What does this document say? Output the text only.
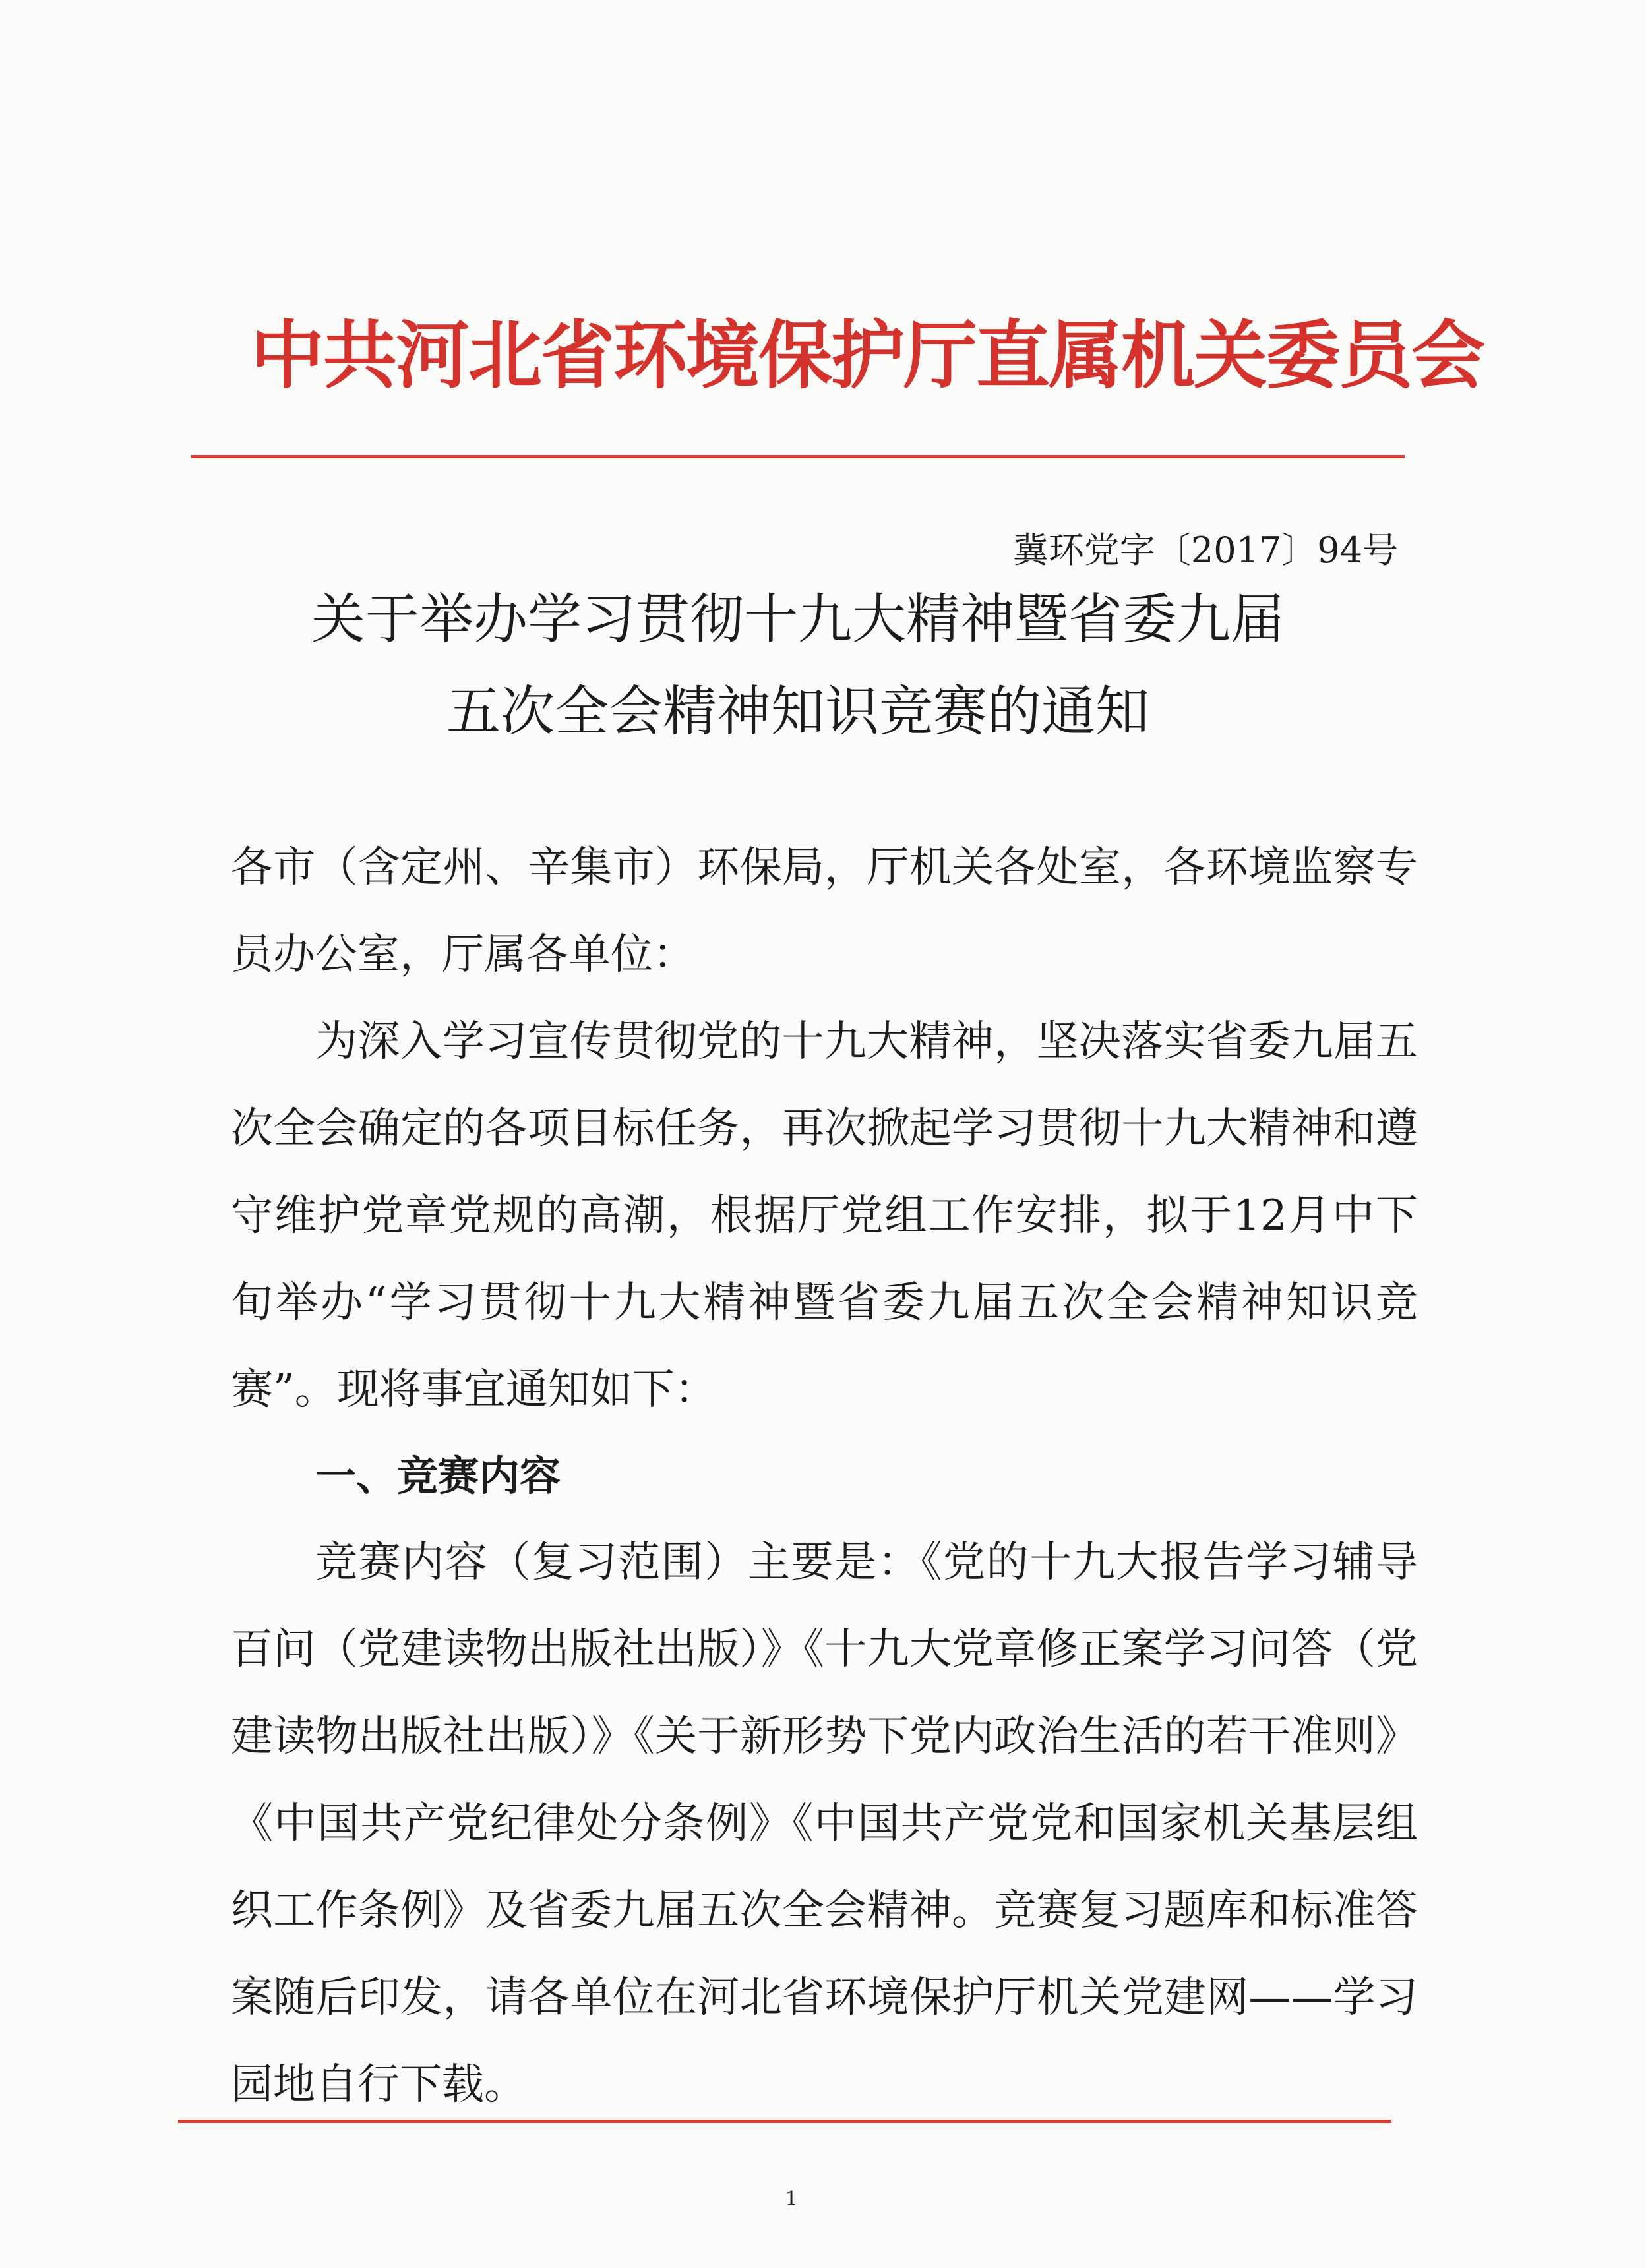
中共河北省环境保护厅直属机关委员会
冀环党字〔2017〕94号
关于举办学习贯彻十九大精神暨省委九届
五次全会精神知识竞赛的通知

各市（含定州、辛集市）环保局，厅机关各处室，各环境监察专员办公室，厅属各单位：

为深入学习宣传贯彻党的十九大精神，坚决落实省委九届五次全会确定的各项目标任务，再次掀起学习贯彻十九大精神和遵守维护党章党规的高潮，根据厅党组工作安排，拟于12月中下旬举办“学习贯彻十九大精神暨省委九届五次全会精神知识竞赛”。现将事宜通知如下：

一、竞赛内容

竞赛内容（复习范围）主要是：《党的十九大报告学习辅导百问（党建读物出版社出版）》《十九大党章修正案学习问答（党建读物出版社出版）》《关于新形势下党内政治生活的若干准则》《中国共产党纪律处分条例》《中国共产党党和国家机关基层组织工作条例》及省委九届五次全会精神。竞赛复习题库和标准答案随后印发，请各单位在河北省环境保护厅机关党建网——学习园地自行下载。

1
